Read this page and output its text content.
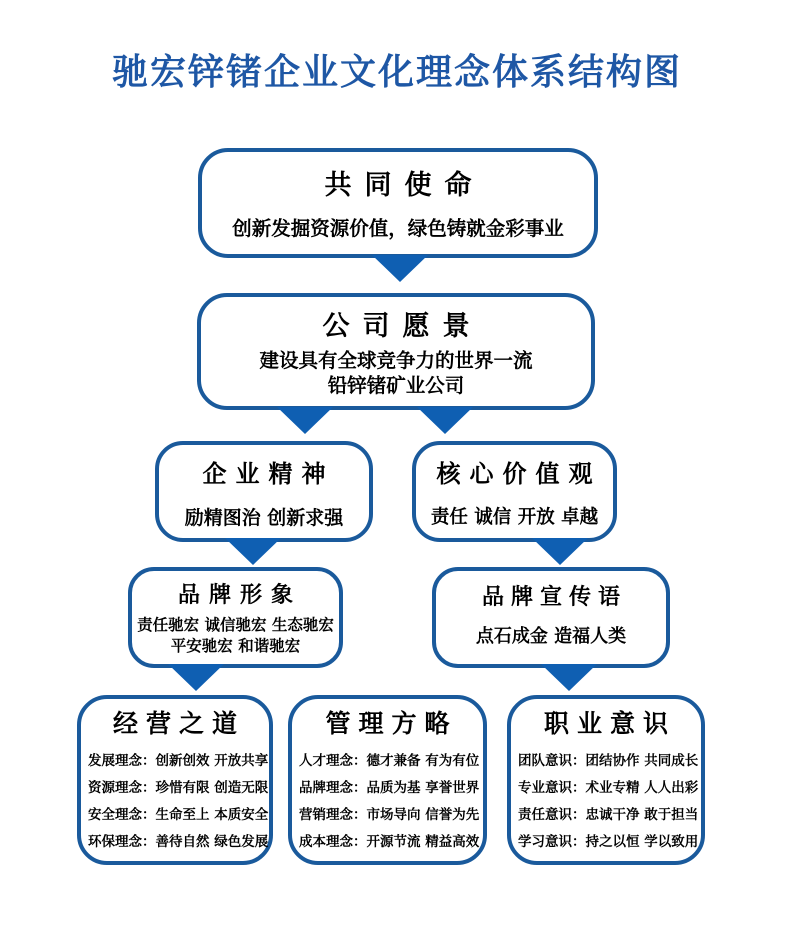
驰宏锌锗企业文化理念体系结构图
共同使命
创新发掘资源价值，绿色铸就金彩事业
公司愿景
建设具有全球竞争力的世界一流
铅锌锗矿业公司
企业精神
励精图治 创新求强
核心价值观
责任 诚信 开放 卓越
品牌形象
责任驰宏 诚信驰宏 生态驰宏
平安驰宏 和谐驰宏
品牌宣传语
点石成金 造福人类
经营之道
发展理念：创新创效 开放共享
资源理念：珍惜有限 创造无限
安全理念：生命至上 本质安全
环保理念：善待自然 绿色发展
管理方略
人才理念：德才兼备 有为有位
品牌理念：品质为基 享誉世界
营销理念：市场导向 信誉为先
成本理念：开源节流 精益高效
职业意识
团队意识：团结协作 共同成长
专业意识：术业专精 人人出彩
责任意识：忠诚干净 敢于担当
学习意识：持之以恒 学以致用
